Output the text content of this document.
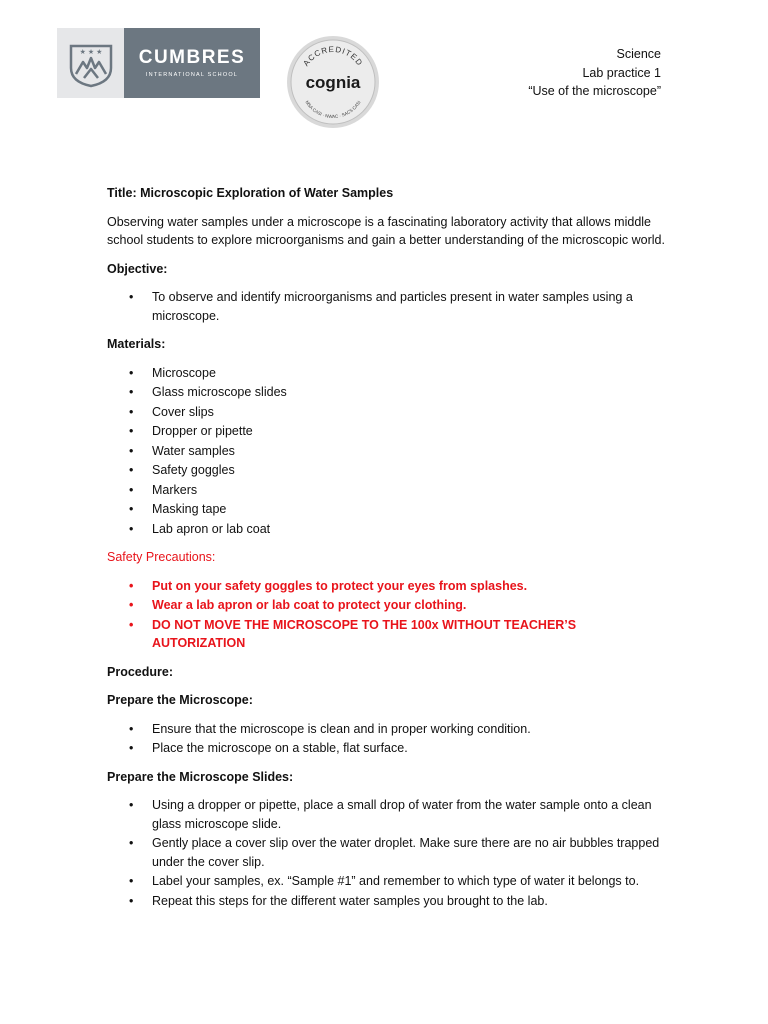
★ ★ ★ CUMBRES
INTERNATIONAL SCHOOL
ACCREDITED
cognia
MSA CASI · NWAC · SACS CASI
Science
Lab practice 1
“Use of the microscope”

Title: Microscopic Exploration of Water Samples

Observing water samples under a microscope is a fascinating laboratory activity that allows middle school students to explore microorganisms and gain a better understanding of the microscopic world.

Objective:

• To observe and identify microorganisms and particles present in water samples using a microscope.

Materials:

• Microscope
• Glass microscope slides
• Cover slips
• Dropper or pipette
• Water samples
• Safety goggles
• Markers
• Masking tape
• Lab apron or lab coat

Safety Precautions:

• Put on your safety goggles to protect your eyes from splashes.
• Wear a lab apron or lab coat to protect your clothing.
• DO NOT MOVE THE MICROSCOPE TO THE 100x WITHOUT TEACHER’S AUTORIZATION

Procedure:

Prepare the Microscope:

• Ensure that the microscope is clean and in proper working condition.
• Place the microscope on a stable, flat surface.

Prepare the Microscope Slides:

• Using a dropper or pipette, place a small drop of water from the water sample onto a clean glass microscope slide.
• Gently place a cover slip over the water droplet. Make sure there are no air bubbles trapped under the cover slip.
• Label your samples, ex. “Sample #1” and remember to which type of water it belongs to.
• Repeat this steps for the different water samples you brought to the lab.
